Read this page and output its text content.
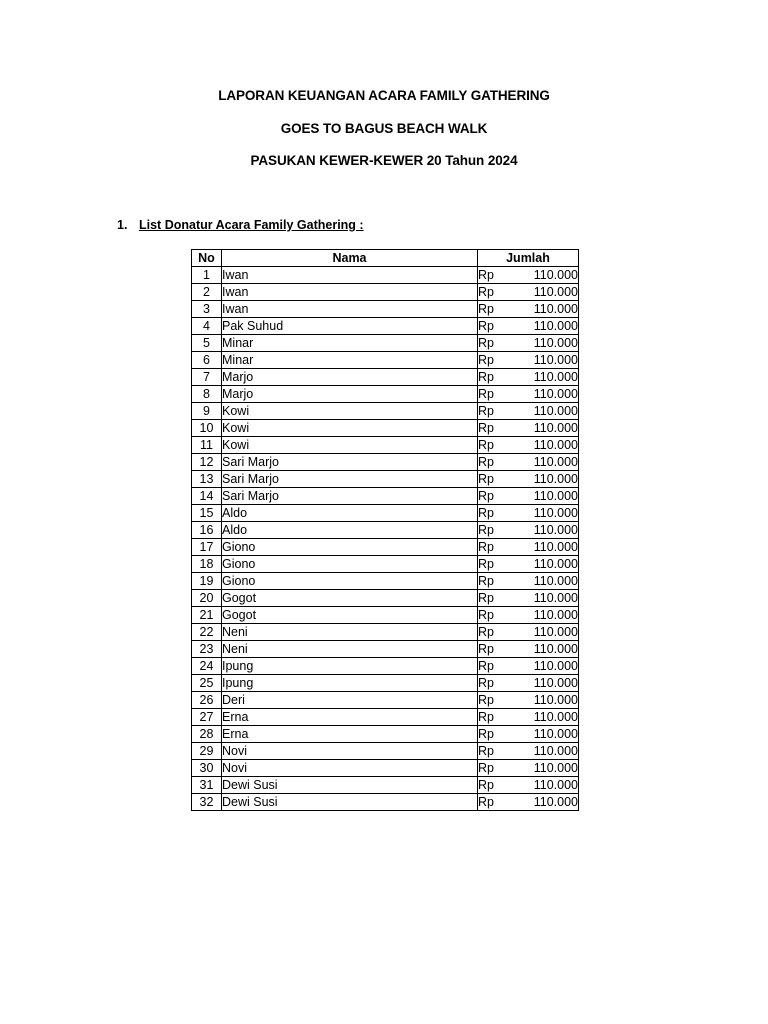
LAPORAN KEUANGAN ACARA FAMILY GATHERING
GOES TO BAGUS BEACH WALK
PASUKAN KEWER-KEWER 20 Tahun 2024
1. List Donatur Acara Family Gathering :
No	Nama	Jumlah
1	Iwan	Rp 110.000

2	Iwan	Rp 110.000

3	Iwan	Rp 110.000

4	Pak Suhud	Rp 110.000

5	Minar	Rp 110.000

6	Minar	Rp 110.000

7	Marjo	Rp 110.000

8	Marjo	Rp 110.000

9	Kowi	Rp 110.000

10	Kowi	Rp 110.000

11	Kowi	Rp 110.000

12	Sari Marjo	Rp 110.000

13	Sari Marjo	Rp 110.000

14	Sari Marjo	Rp 110.000

15	Aldo	Rp 110.000

16	Aldo	Rp 110.000

17	Giono	Rp 110.000

18	Giono	Rp 110.000

19	Giono	Rp 110.000

20	Gogot	Rp 110.000

21	Gogot	Rp 110.000

22	Neni	Rp 110.000

23	Neni	Rp 110.000

24	Ipung	Rp 110.000

25	Ipung	Rp 110.000

26	Deri	Rp 110.000

27	Erna	Rp 110.000

28	Erna	Rp 110.000

29	Novi	Rp 110.000

30	Novi	Rp 110.000

31	Dewi Susi	Rp 110.000

32	Dewi Susi	Rp 110.000
